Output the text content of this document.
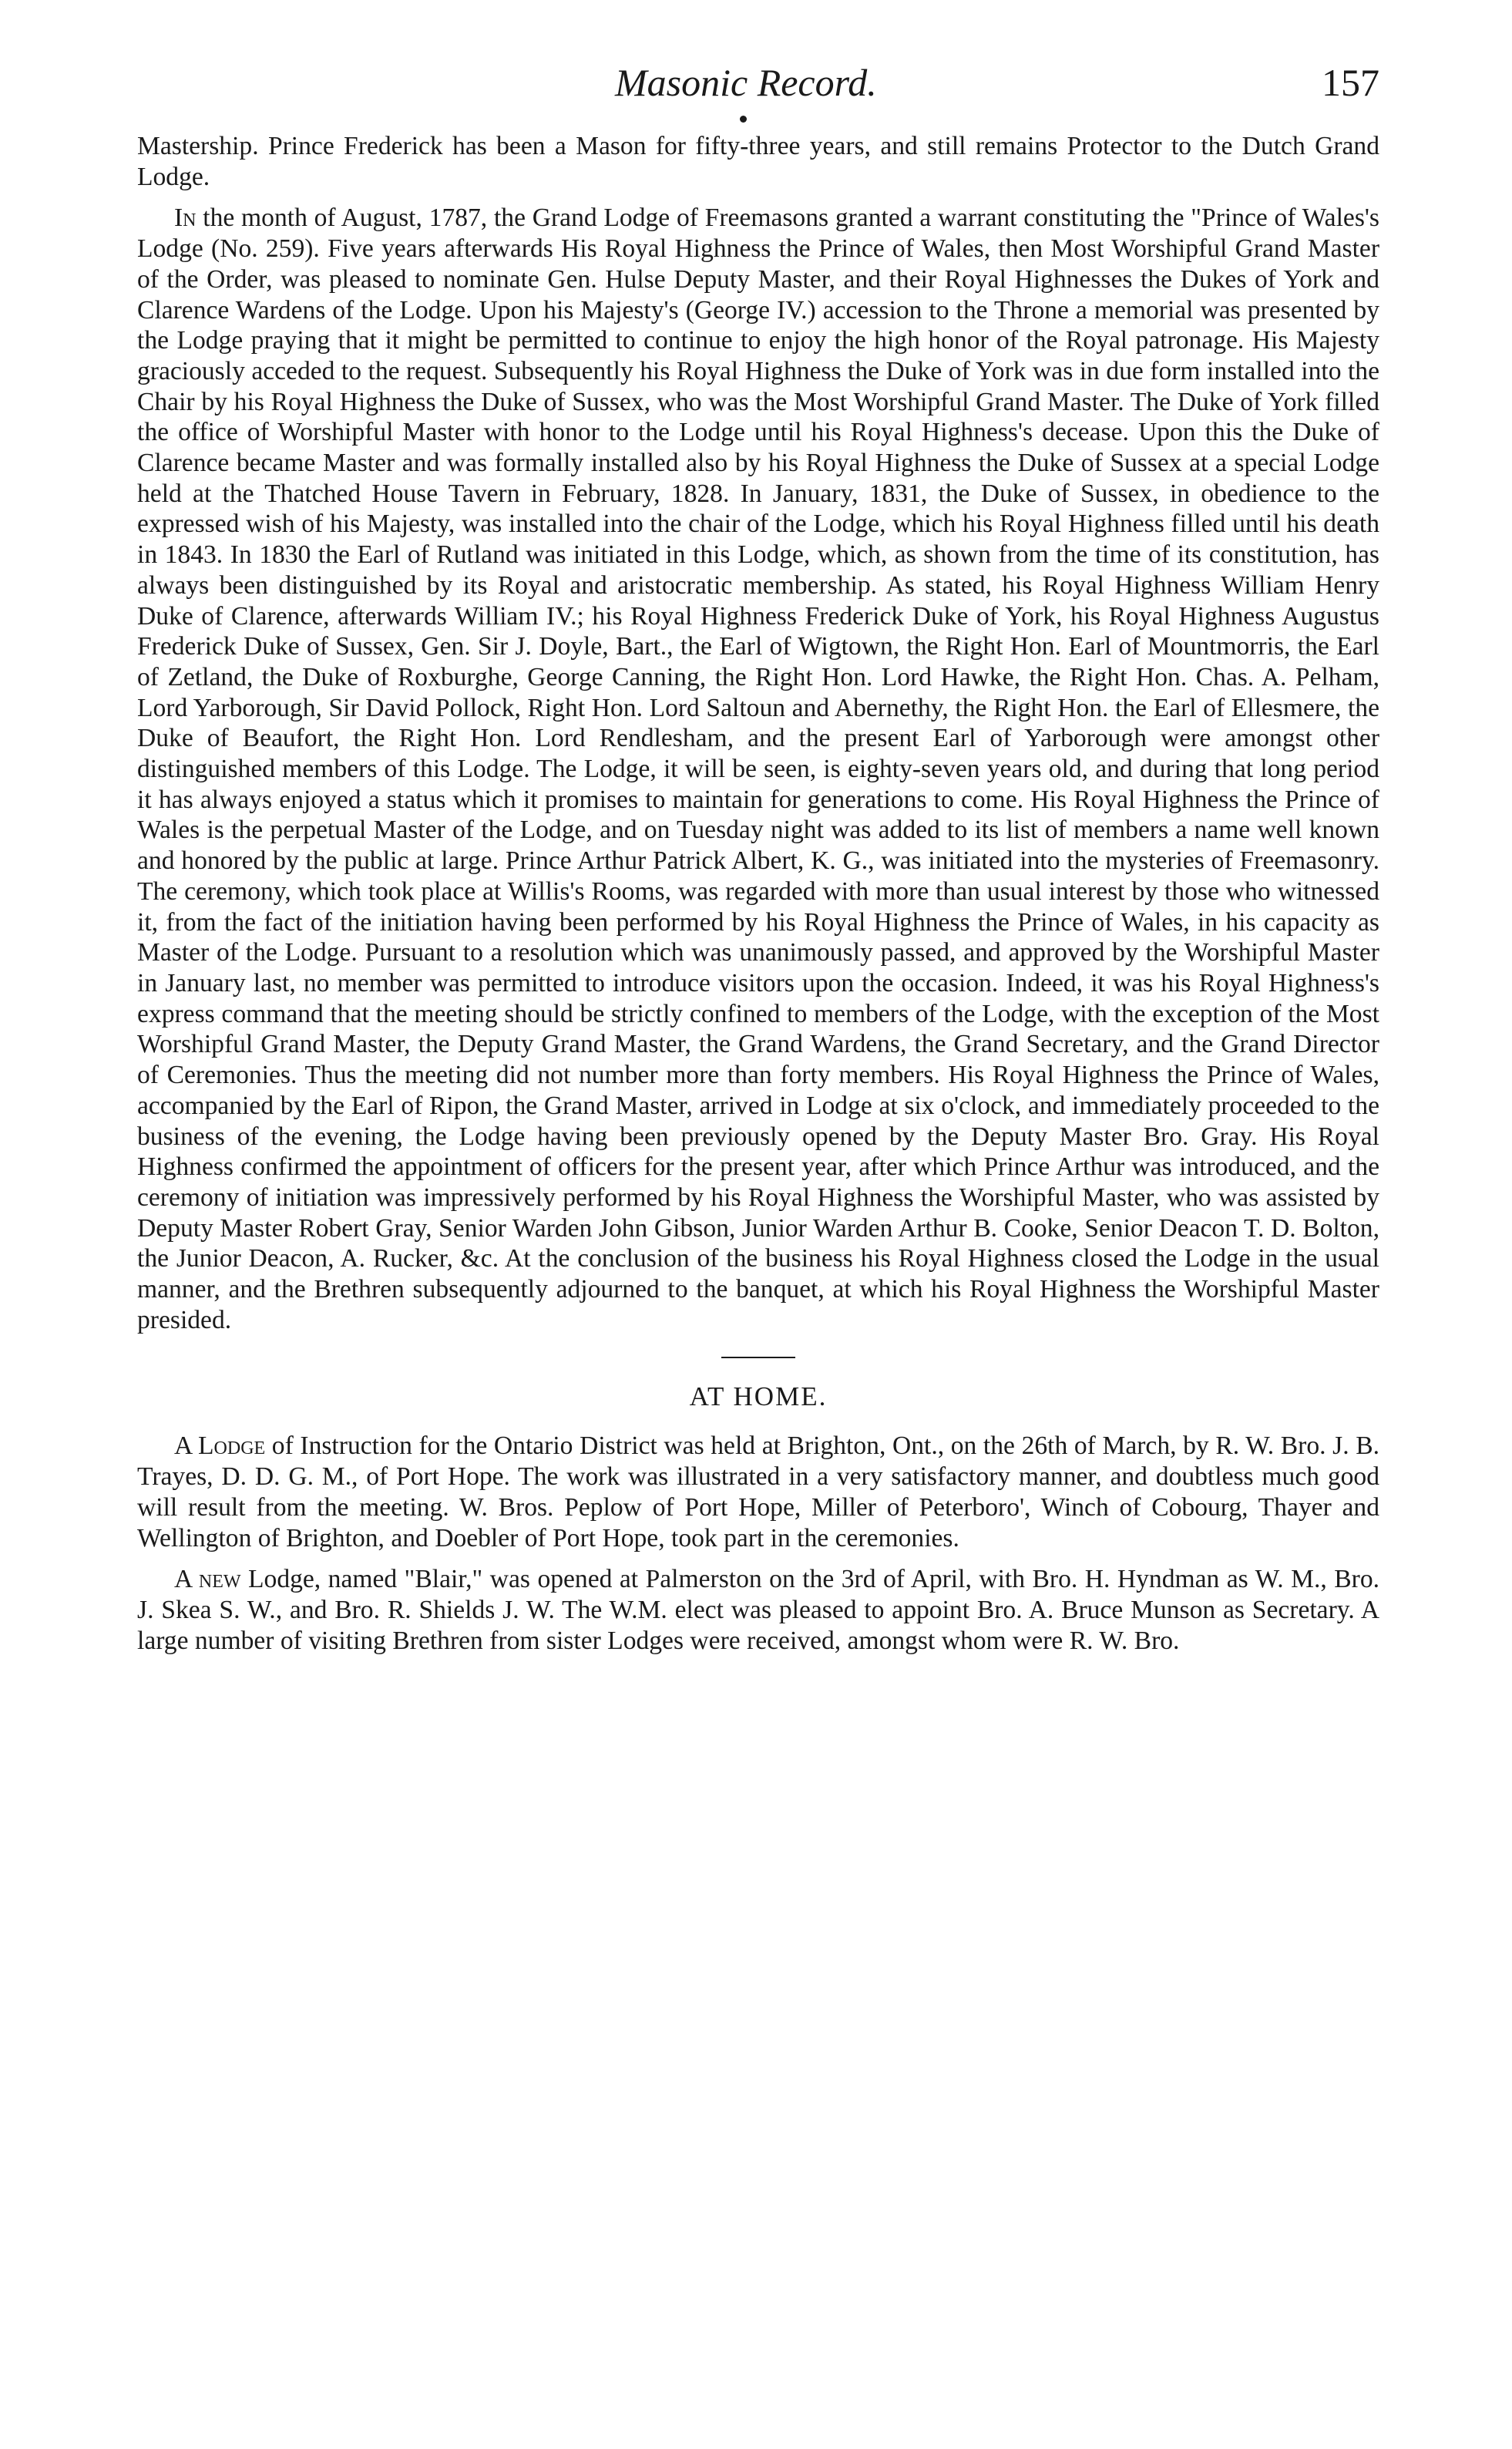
Masonic Record.	157

Mastership. Prince Frederick has been a Mason for fifty-three years, and still remains Protector to the Dutch Grand Lodge.

In the month of August, 1787, the Grand Lodge of Freemasons granted a warrant constituting the "Prince of Wales's Lodge (No. 259). Five years afterwards His Royal Highness the Prince of Wales, then Most Worshipful Grand Master of the Order, was pleased to nominate Gen. Hulse Deputy Master, and their Royal Highnesses the Dukes of York and Clarence Wardens of the Lodge. Upon his Majesty's (George IV.) accession to the Throne a memorial was presented by the Lodge praying that it might be permitted to continue to enjoy the high honor of the Royal patronage. His Majesty graciously acceded to the request. Subsequently his Royal Highness the Duke of York was in due form installed into the Chair by his Royal Highness the Duke of Sussex, who was the Most Worshipful Grand Master. The Duke of York filled the office of Worshipful Master with honor to the Lodge until his Royal Highness's decease. Upon this the Duke of Clarence became Master and was formally installed also by his Royal Highness the Duke of Sussex at a special Lodge held at the Thatched House Tavern in February, 1828. In January, 1831, the Duke of Sussex, in obedience to the expressed wish of his Majesty, was installed into the chair of the Lodge, which his Royal Highness filled until his death in 1843. In 1830 the Earl of Rutland was initiated in this Lodge, which, as shown from the time of its constitution, has always been distinguished by its Royal and aristocratic membership. As stated, his Royal Highness William Henry Duke of Clarence, afterwards William IV.; his Royal Highness Frederick Duke of York, his Royal Highness Augustus Frederick Duke of Sussex, Gen. Sir J. Doyle, Bart., the Earl of Wigtown, the Right Hon. Earl of Mountmorris, the Earl of Zetland, the Duke of Roxburghe, George Canning, the Right Hon. Lord Hawke, the Right Hon. Chas. A. Pelham, Lord Yarborough, Sir David Pollock, Right Hon. Lord Saltoun and Abernethy, the Right Hon. the Earl of Ellesmere, the Duke of Beaufort, the Right Hon. Lord Rendlesham, and the present Earl of Yarborough were amongst other distinguished members of this Lodge. The Lodge, it will be seen, is eighty-seven years old, and during that long period it has always enjoyed a status which it promises to maintain for generations to come. His Royal Highness the Prince of Wales is the perpetual Master of the Lodge, and on Tuesday night was added to its list of members a name well known and honored by the public at large. Prince Arthur Patrick Albert, K. G., was initiated into the mysteries of Freemasonry. The ceremony, which took place at Willis's Rooms, was regarded with more than usual interest by those who witnessed it, from the fact of the initiation having been performed by his Royal Highness the Prince of Wales, in his capacity as Master of the Lodge. Pursuant to a resolution which was unanimously passed, and approved by the Worshipful Master in January last, no member was permitted to introduce visitors upon the occasion. Indeed, it was his Royal Highness's express command that the meeting should be strictly confined to members of the Lodge, with the exception of the Most Worshipful Grand Master, the Deputy Grand Master, the Grand Wardens, the Grand Secretary, and the Grand Director of Ceremonies. Thus the meeting did not number more than forty members. His Royal Highness the Prince of Wales, accompanied by the Earl of Ripon, the Grand Master, arrived in Lodge at six o'clock, and immediately proceeded to the business of the evening, the Lodge having been previously opened by the Deputy Master Bro. Gray. His Royal Highness confirmed the appointment of officers for the present year, after which Prince Arthur was introduced, and the ceremony of initiation was impressively performed by his Royal Highness the Worshipful Master, who was assisted by Deputy Master Robert Gray, Senior Warden John Gibson, Junior Warden Arthur B. Cooke, Senior Deacon T. D. Bolton, the Junior Deacon, A. Rucker, &c. At the conclusion of the business his Royal Highness closed the Lodge in the usual manner, and the Brethren subsequently adjourned to the banquet, at which his Royal Highness the Worshipful Master presided.

AT HOME.

A Lodge of Instruction for the Ontario District was held at Brighton, Ont., on the 26th of March, by R. W. Bro. J. B. Trayes, D. D. G. M., of Port Hope. The work was illustrated in a very satisfactory manner, and doubtless much good will result from the meeting. W. Bros. Peplow of Port Hope, Miller of Peterboro', Winch of Cobourg, Thayer and Wellington of Brighton, and Doebler of Port Hope, took part in the ceremonies.

A new Lodge, named "Blair," was opened at Palmerston on the 3rd of April, with Bro. H. Hyndman as W. M., Bro. J. Skea S. W., and Bro. R. Shields J. W. The W.M. elect was pleased to appoint Bro. A. Bruce Munson as Secretary. A large number of visiting Brethren from sister Lodges were received, amongst whom were R. W. Bro.
